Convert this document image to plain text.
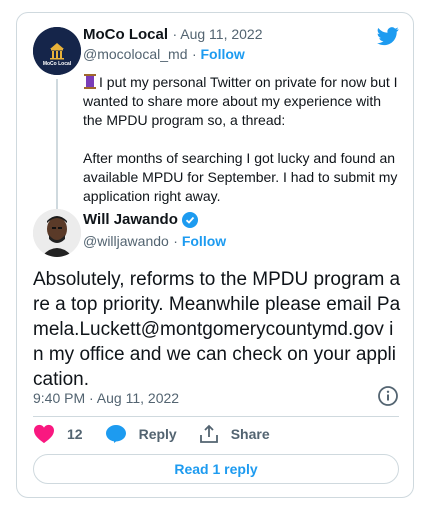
MoCo Local
MoCo Local · Aug 11, 2022
@mocolocal_md · Follow

I put my personal Twitter on private for now but I wanted to share more about my experience with the MPDU program so, a thread:

After months of searching I got lucky and found an available MPDU for September. I had to submit my application right away.

Will Jawando
@willjawando · Follow
Absolutely, reforms to the MPDU program are a top priority. Meanwhile please email Pamela.Luckett@montgomerycountymd.gov in my office and we can check on your application.
9:40 PM · Aug 11, 2022
12	Reply	Share
Read 1 reply
